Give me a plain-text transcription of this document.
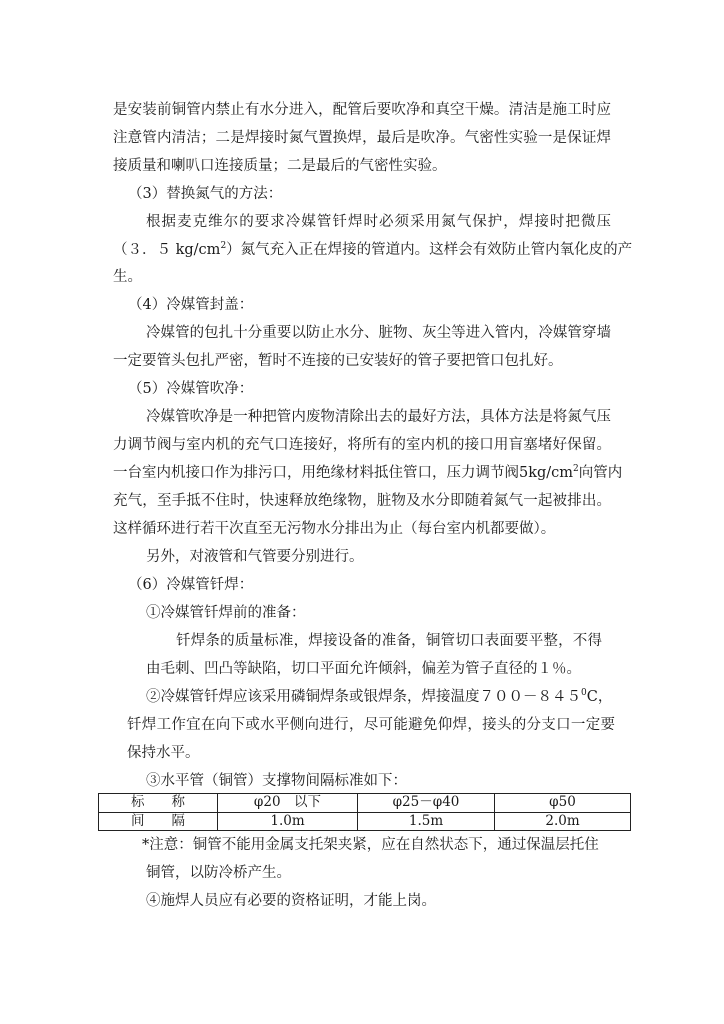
是安装前铜管内禁止有水分进入，配管后要吹净和真空干燥。清洁是施工时应
注意管内清洁；二是焊接时氮气置换焊，最后是吹净。气密性实验一是保证焊
接质量和喇叭口连接质量；二是最后的气密性实验。
（3）替换氮气的方法：
根据麦克维尔的要求冷媒管钎焊时必须采用氮气保护，焊接时把微压
（３．５ $kg/cm^2$）氮气充入正在焊接的管道内。这样会有效防止管内氧化皮的产
生。
（4）冷媒管封盖：
冷媒管的包扎十分重要以防止水分、脏物、灰尘等进入管内，冷媒管穿墙
一定要管头包扎严密，暂时不连接的已安装好的管子要把管口包扎好。
（5）冷媒管吹净：
冷媒管吹净是一种把管内废物清除出去的最好方法，具体方法是将氮气压
力调节阀与室内机的充气口连接好，将所有的室内机的接口用盲塞堵好保留。
一台室内机接口作为排污口，用绝缘材料抵住管口，压力调节阀$5kg/cm^2$向管内
充气，至手抵不住时，快速释放绝缘物，脏物及水分即随着氮气一起被排出。
这样循环进行若干次直至无污物水分排出为止（每台室内机都要做）。
另外，对液管和气管要分别进行。
（6）冷媒管钎焊：
①冷媒管钎焊前的准备：
钎焊条的质量标准，焊接设备的准备，铜管切口表面要平整，不得
由毛刺、凹凸等缺陷，切口平面允许倾斜，偏差为管子直径的１％。
②冷媒管钎焊应该采用磷铜焊条或银焊条，焊接温度$700-845^0C$，
钎焊工作宜在向下或水平侧向进行，尽可能避免仰焊，接头的分支口一定要
保持水平。
③水平管（铜管）支撑物间隔标准如下：
标　　称	φ20　以下	φ25－φ40	φ50
间　　隔	1.0m	1.5m	2.0m
*注意：铜管不能用金属支托架夹紧，应在自然状态下，通过保温层托住
铜管，以防冷桥产生。
④施焊人员应有必要的资格证明，才能上岗。
